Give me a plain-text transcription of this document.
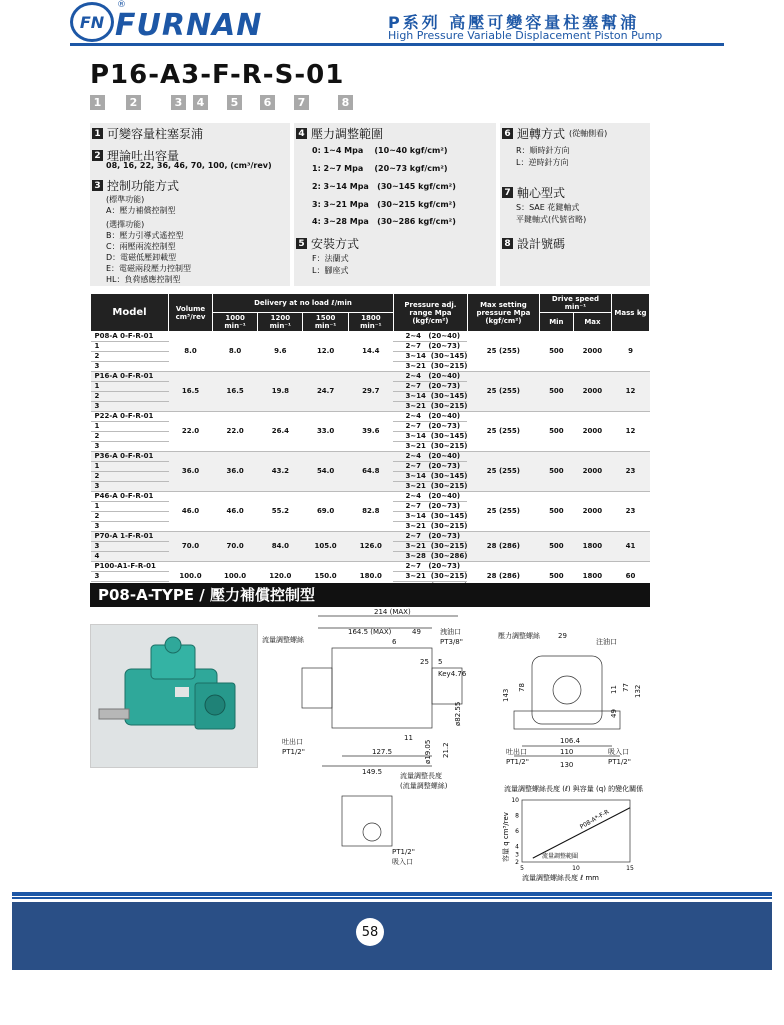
FN
®
FURNAN	P系列 高壓可變容量柱塞幫浦
High Pressure Variable Displacement Piston Pump
P16-A3-F-R-S-01
1	2	3	4	5	6	7	8
1 可變容量柱塞泵浦
2 理論吐出容量
08, 16, 22, 36, 46, 70, 100, (cm³/rev)
3 控制功能方式
(標準功能)
A：壓力補償控制型
(選擇功能)
B：壓力引導式遙控型
C：兩壓兩流控制型
D：電磁低壓卸載型
E：電磁兩段壓力控制型
HL：負荷感應控制型
4 壓力調整範圍
0: 1~4 Mpa    (10~40 kgf/cm²)
1: 2~7 Mpa    (20~73 kgf/cm²)
2: 3~14 Mpa   (30~145 kgf/cm²)
3: 3~21 Mpa   (30~215 kgf/cm²)
4: 3~28 Mpa   (30~286 kgf/cm²)
5 安裝方式
F：法蘭式
L：腳座式
6 迴轉方式 (從軸側看)
R：順時針方向
L：逆時針方向
7 軸心型式
S：SAE 花鍵軸式
平鍵軸式(代號省略)
8 設計號碼
Model	Volume cm³/rev	Delivery at no load ℓ/min				Pressure adj. range Mpa (kgf/cm²)	Max setting pressure Mpa (kgf/cm²)	Drive speed min⁻¹		Mass kg
		1000 min⁻¹	1200 min⁻¹	1500 min⁻¹	1800 min⁻¹			Min	Max	
P08-A 0-F-R-01	8.0	8.0	9.6	12.0	14.4	2~4   (20~40)	25 (255)	500	2000	9
1						2~7   (20~73)				
2						3~14  (30~145)				
3						3~21  (30~215)				
P16-A 0-F-R-01	16.5	16.5	19.8	24.7	29.7	2~4   (20~40)	25 (255)	500	2000	12
1						2~7   (20~73)				
2						3~14  (30~145)				
3						3~21  (30~215)				
P22-A 0-F-R-01	22.0	22.0	26.4	33.0	39.6	2~4   (20~40)	25 (255)	500	2000	12
1						2~7   (20~73)				
2						3~14  (30~145)				
3						3~21  (30~215)				
P36-A 0-F-R-01	36.0	36.0	43.2	54.0	64.8	2~4   (20~40)	25 (255)	500	2000	23
1						2~7   (20~73)				
2						3~14  (30~145)				
3						3~21  (30~215)				
P46-A 0-F-R-01	46.0	46.0	55.2	69.0	82.8	2~4   (20~40)	25 (255)	500	2000	23
1						2~7   (20~73)				
2						3~14  (30~145)				
3						3~21  (30~215)				
P70-A 1-F-R-01	70.0	70.0	84.0	105.0	126.0	2~7   (20~73)	28 (286)	500	1800	41
3						3~21  (30~215)				
4						3~28  (30~286)				
P100-A1-F-R-01	100.0	100.0	120.0	150.0	180.0	2~7   (20~73)	28 (286)	500	1800	60
3						3~21  (30~215)				

P08-A-TYPE / 壓力補償控制型
214 (MAX)
164.5 (MAX)	49
6
25 5
流量調整螺絲
洩油口
PT3/8"
Key4.76
ø82.55
ø19.05 21.2
11
127.5
149.5
吐出口
PT1/2"
壓力調整螺絲	29
注油口
143
78	11 77 132
49
106.4
110
130
吐出口
PT1/2"
吸入口
PT1/2"
流量調整長度
(流量調整螺絲)
PT1/2"
吸入口
流量調整螺絲長度 (ℓ) 與容量 (q) 的變化關係
流量調整螺絲長度 ℓ mm
容量 q cm³/rev
2
3
4
6
8
10
5	10	15
P08-A*-F-R
流量調整範圍
58
